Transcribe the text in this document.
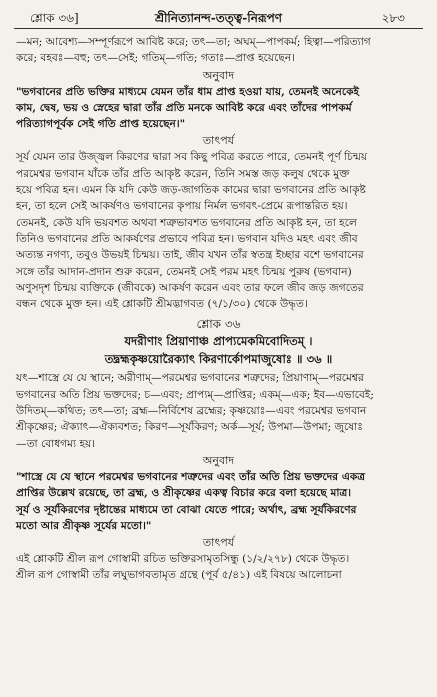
শ্লোক ৩৬]	শ্রীনিত্যানন্দ-তত্ত্ব-নিরূপণ	২৮৩

—মন; আবেশ্য—সম্পূর্ণরূপে আবিষ্ট করে; তৎ—তা; অঘম্—পাপকর্ম; হিত্বা—পরিত্যাগ
করে; বহবঃ—বহু; তৎ—সেই; গতিম্—গতি; গতাঃ—প্রাপ্ত হয়েছেন।

অনুবাদ

"ভগবানের প্রতি ভক্তির মাধ্যমে যেমন তাঁর ধাম প্রাপ্ত হওয়া যায়, তেমনই অনেকেই
কাম, দ্বেষ, ভয় ও স্নেহের দ্বারা তাঁর প্রতি মনকে আবিষ্ট করে এবং তাঁদের পাপকর্ম
পরিত্যাগপূর্বক সেই গতি প্রাপ্ত হয়েছেন।"

তাৎপর্য

সূর্য যেমন তার উজ্জ্বল কিরণের দ্বারা সব কিছু পবিত্র করতে পারে, তেমনই পূর্ণ চিন্ময়
পরমেশ্বর ভগবান যাঁকে তাঁর প্রতি আকৃষ্ট করেন, তিনি সমস্ত জড় কলুষ থেকে মুক্ত
হয়ে পবিত্র হন। এমন কি যদি কেউ জড়-জাগতিক কামের দ্বারা ভগবানের প্রতি আকৃষ্ট
হন, তা হলে সেই আকর্ষণও ভগবানের কৃপায় নির্মল ভগবৎ-প্রেমে রূপান্তরিত হয়।
তেমনই, কেউ যদি ভয়বশত অথবা শত্রুভাবশত ভগবানের প্রতি আকৃষ্ট হন, তা হলে
তিনিও ভগবানের প্রতি আকর্ষণের প্রভাবে পবিত্র হন। ভগবান যদিও মহৎ এবং জীব
অত্যন্ত নগণ্য, তবুও উভয়ই চিন্ময়। তাই, জীব যখন তাঁর স্বতন্ত্র ইচ্ছার বশে ভগবানের
সঙ্গে তাঁর আদান-প্রদান শুরু করেন, তেমনই সেই পরম মহৎ চিন্ময় পুরুষ (ভগবান)
অণুসদৃশ চিন্ময় ব্যক্তিকে (জীবকে) আকর্ষণ করেন এবং তার ফলে জীব জড় জগতের
বন্ধন থেকে মুক্ত হন। এই শ্লোকটি শ্রীমদ্ভাগবত (৭/১/৩০) থেকে উদ্ধৃত।

শ্লোক ৩৬

যদরীণাং প্রিয়াণাঞ্চ প্রাপ্যমেকমিবোদিতম্ ।
তদ্ব্রহ্মকৃষ্ণয়োরৈক্যাৎ কিরণার্কোপমাজুষোঃ ॥ ৩৬ ॥

যৎ—শাস্ত্রে যে যে স্থানে; অরীণাম্—পরমেশ্বর ভগবানের শত্রুদের; প্রিয়াণাম্—পরমেশ্বর
ভগবানের অতি প্রিয় ভক্তদের; চ—এবং; প্রাপ্যম্—প্রাপ্তির; একম্—এক; ইব—এভাবেই;
উদিতম্—কথিত; তৎ—তা; ব্রহ্ম—নির্বিশেষ ব্রহ্মের; কৃষ্ণয়োঃ—এবং পরমেশ্বর ভগবান
শ্রীকৃষ্ণের; ঐক্যাৎ—ঐক্যবশত; কিরণ—সূর্যকিরণ; অর্ক—সূর্য; উপমা—উপমা; জুষোঃ
—তা বোধগম্য হয়।

অনুবাদ

"শাস্ত্রে যে যে স্থানে পরমেশ্বর ভগবানের শত্রুদের এবং তাঁর অতি প্রিয় ভক্তদের একত্র
প্রাপ্তির উল্লেখ রয়েছে, তা ব্রহ্ম, ও শ্রীকৃষ্ণের একত্ব বিচার করে বলা হয়েছে মাত্র।
সূর্য ও সূর্যকিরণের দৃষ্টান্তের মাধ্যমে তা বোঝা যেতে পারে; অর্থাৎ, ব্রহ্ম সূর্যকিরণের
মতো আর শ্রীকৃষ্ণ সূর্যের মতো।"

তাৎপর্য

এই শ্লোকটি শ্রীল রূপ গোস্বামী রচিত ভক্তিরসামৃতসিন্ধু (১/২/২৭৮) থেকে উদ্ধৃত।
শ্রীল রূপ গোস্বামী তাঁর লঘুভাগবতামৃত গ্রন্থে (পূর্ব ৫/৪১) এই বিষয়ে আলোচনা
